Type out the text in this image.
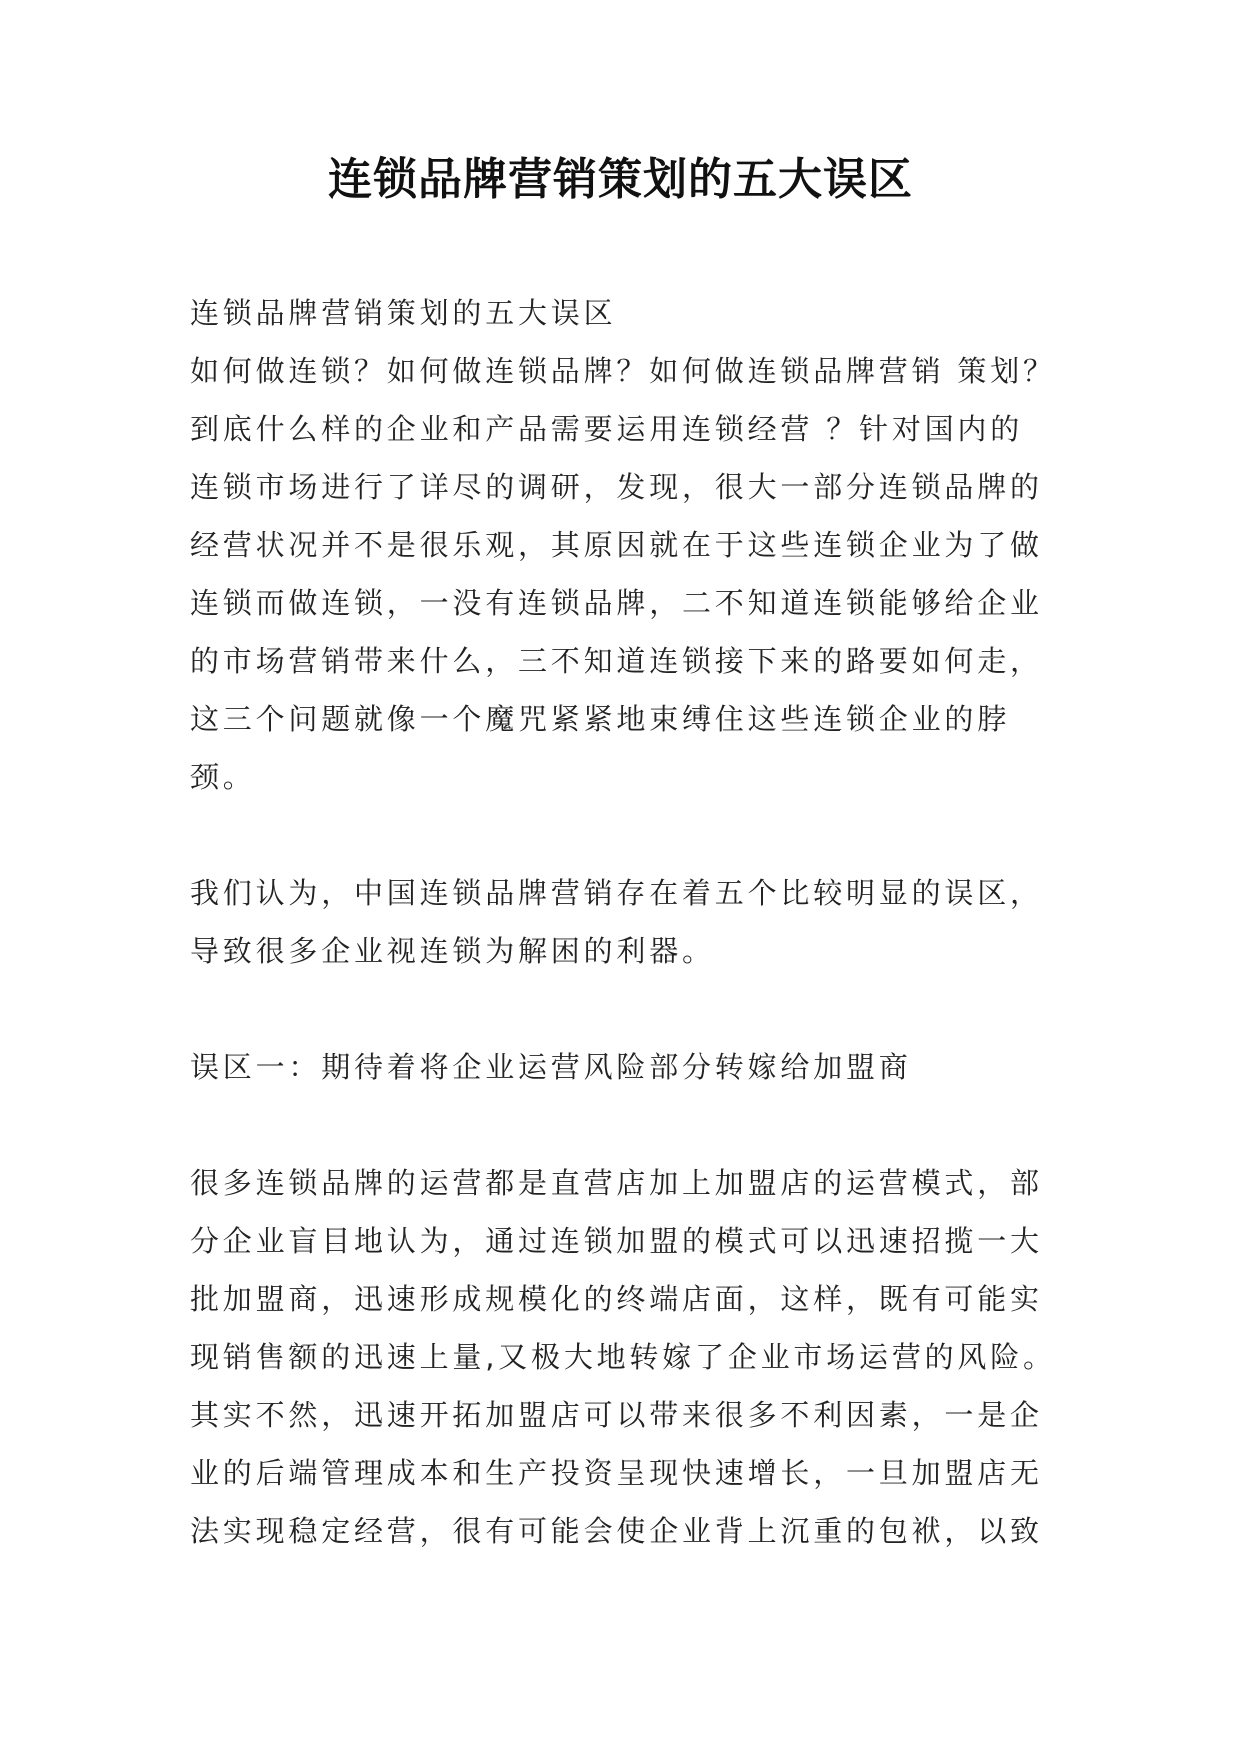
连锁品牌营销策划的五大误区
连锁品牌营销策划的五大误区
如何做连锁？如何做连锁品牌？如何做连锁品牌营销 策划？
到底什么样的企业和产品需要运用连锁经营 ？针对国内的
连锁市场进行了详尽的调研，发现，很大一部分连锁品牌的
经营状况并不是很乐观，其原因就在于这些连锁企业为了做
连锁而做连锁，一没有连锁品牌，二不知道连锁能够给企业
的市场营销带来什么，三不知道连锁接下来的路要如何走，
这三个问题就像一个魔咒紧紧地束缚住这些连锁企业的脖
颈。
我们认为，中国连锁品牌营销存在着五个比较明显的误区，
导致很多企业视连锁为解困的利器。
误区一：期待着将企业运营风险部分转嫁给加盟商
很多连锁品牌的运营都是直营店加上加盟店的运营模式，部
分企业盲目地认为，通过连锁加盟的模式可以迅速招揽一大
批加盟商，迅速形成规模化的终端店面，这样，既有可能实
现销售额的迅速上量,又极大地转嫁了企业市场运营的风险。
其实不然，迅速开拓加盟店可以带来很多不利因素，一是企
业的后端管理成本和生产投资呈现快速增长，一旦加盟店无
法实现稳定经营，很有可能会使企业背上沉重的包袱，以致
